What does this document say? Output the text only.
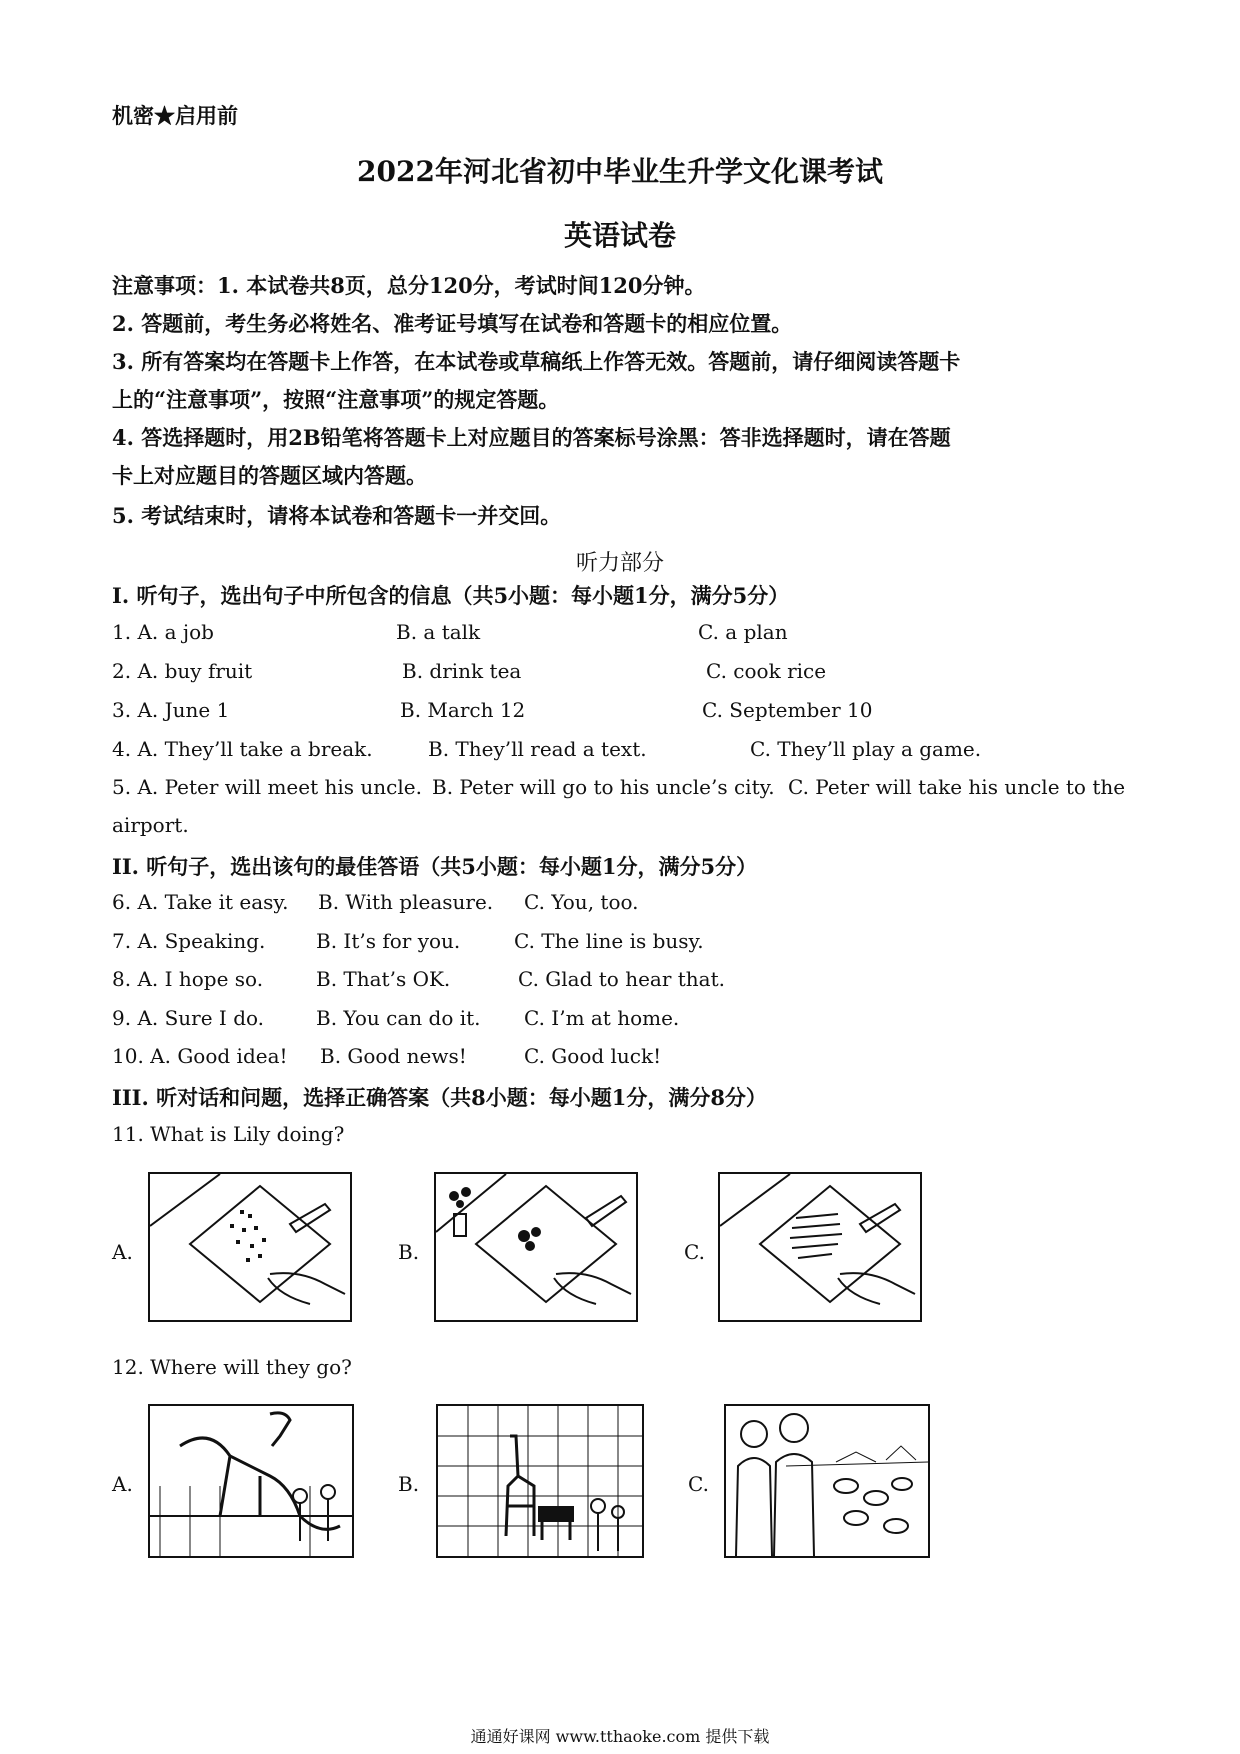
机密★启用前
2022年河北省初中毕业生升学文化课考试
英语试卷
注意事项：1. 本试卷共8页，总分120分，考试时间120分钟。
2. 答题前，考生务必将姓名、准考证号填写在试卷和答题卡的相应位置。
3. 所有答案均在答题卡上作答，在本试卷或草稿纸上作答无效。答题前，请仔细阅读答题卡
上的“注意事项”，按照“注意事项”的规定答题。
4. 答选择题时，用2B铅笔将答题卡上对应题目的答案标号涂黑：答非选择题时，请在答题
卡上对应题目的答题区域内答题。
5. 考试结束时，请将本试卷和答题卡一并交回。
听力部分
Ⅰ. 听句子，选出句子中所包含的信息（共5小题：每小题1分，满分5分）
1. A. a job	B. a talk	C. a plan
2. A. buy fruit	B. drink tea	C. cook rice
3. A. June 1	B. March 12	C. September 10
4. A. They’ll take a break.	B. They’ll read a text.	C. They’ll play a game.
5. A. Peter will meet his uncle. B. Peter will go to his uncle’s city. C. Peter will take his uncle to the
airport.
II. 听句子，选出该句的最佳答语（共5小题：每小题1分，满分5分）
6. A. Take it easy. B. With pleasure. C. You, too.
7. A. Speaking.	B. It’s for you.	C. The line is busy.
8. A. I hope so.	B. That’s OK.	C. Glad to hear that.
9. A. Sure I do.	B. You can do it. C. I’m at home.
10. A. Good idea! B. Good news!	C. Good luck!
III. 听对话和问题，选择正确答案（共8小题：每小题1分，满分8分）
11. What is Lily doing?
A.	B.	C.
12. Where will they go?
A.	B.	C.
通通好课网 www.tthaoke.com 提供下载
